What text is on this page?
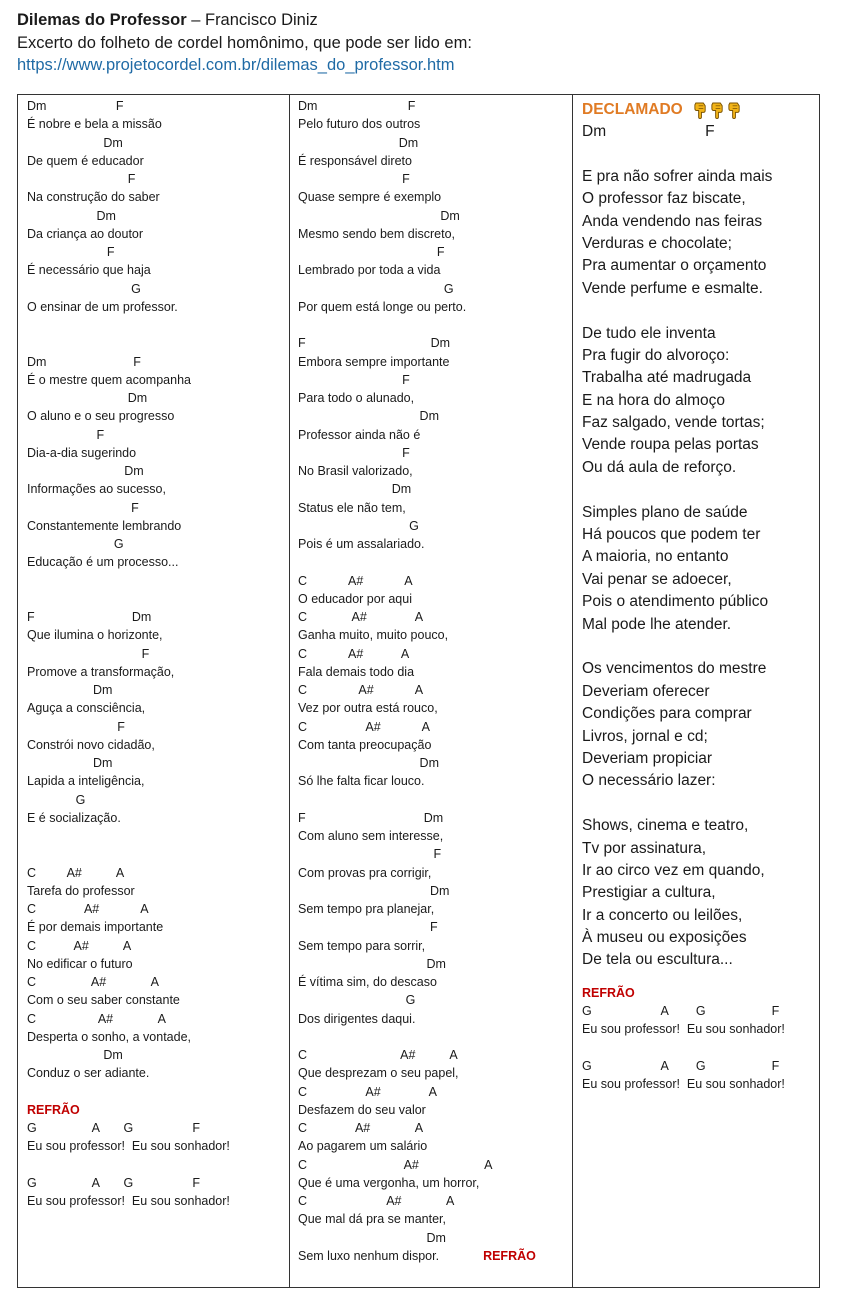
Dilemas do Professor – Francisco Diniz
Excerto do folheto de cordel homônimo, que pode ser lido em:
https://www.projetocordel.com.br/dilemas_do_professor.htm
Dm                    F
É nobre e bela a missão
Dm
De quem é educador
F
Na construção do saber
Dm
Da criança ao doutor
F
É necessário que haja
G
O ensinar de um professor.
Dm                         F
É o mestre quem acompanha
Dm
O aluno e o seu progresso
F
Dia-a-dia sugerindo
Dm
Informações ao sucesso,
F
Constantemente lembrando
G
Educação é um processo...
F                            Dm
Que ilumina o horizonte,
F
Promove a transformação,
Dm
Aguça a consciência,
F
Constrói novo cidadão,
Dm
Lapida a inteligência,
G
E é socialização.
C         A#          A
Tarefa do professor
C              A#            A
É por demais importante
C           A#          A
No edificar o futuro
C                A#             A
Com o seu saber constante
C                  A#             A
Desperta o sonho, a vontade,
Dm
Conduz o ser adiante.
REFRÃO
G                A       G                 F
Eu sou professor!  Eu sou sonhador!
G                A       G                 F
Eu sou professor!  Eu sou sonhador!
Dm                          F
Pelo futuro dos outros
Dm
É responsável direto
F
Quase sempre é exemplo
Dm
Mesmo sendo bem discreto,
F
Lembrado por toda a vida
G
Por quem está longe ou perto.
F                                    Dm
Embora sempre importante
F
Para todo o alunado,
Dm
Professor ainda não é
F
No Brasil valorizado,
Dm
Status ele não tem,
G
Pois é um assalariado.
C            A#            A
O educador por aqui
C             A#              A
Ganha muito, muito pouco,
C            A#           A
Fala demais todo dia
C               A#            A
Vez por outra está rouco,
C                 A#            A
Com tanta preocupação
Dm
Só lhe falta ficar louco.
F                                  Dm
Com aluno sem interesse,
F
Com provas pra corrigir,
Dm
Sem tempo pra planejar,
F
Sem tempo para sorrir,
Dm
É vítima sim, do descaso
G
Dos dirigentes daqui.
C                           A#          A
Que desprezam o seu papel,
C                 A#              A
Desfazem do seu valor
C              A#             A
Ao pagarem um salário
C                            A#                   A
Que é uma vergonha, um horror,
C                       A#             A
Que mal dá pra se manter,
Dm
Sem luxo nenhum dispor.	REFRÃO
DECLAMADO
Dm                       F
E pra não sofrer ainda mais
O professor faz biscate,
Anda vendendo nas feiras
Verduras e chocolate;
Pra aumentar o orçamento
Vende perfume e esmalte.
De tudo ele inventa
Pra fugir do alvoroço:
Trabalha até madrugada
E na hora do almoço
Faz salgado, vende tortas;
Vende roupa pelas portas
Ou dá aula de reforço.
Simples plano de saúde
Há poucos que podem ter
A maioria, no entanto
Vai penar se adoecer,
Pois o atendimento público
Mal pode lhe atender.
Os vencimentos do mestre
Deveriam oferecer
Condições para comprar
Livros, jornal e cd;
Deveriam propiciar
O necessário lazer:
Shows, cinema e teatro,
Tv por assinatura,
Ir ao circo vez em quando,
Prestigiar a cultura,
Ir a concerto ou leilões,
À museu ou exposições
De tela ou escultura...
REFRÃO
G                    A        G                   F
Eu sou professor!  Eu sou sonhador!
G                    A        G                   F
Eu sou professor!  Eu sou sonhador!
